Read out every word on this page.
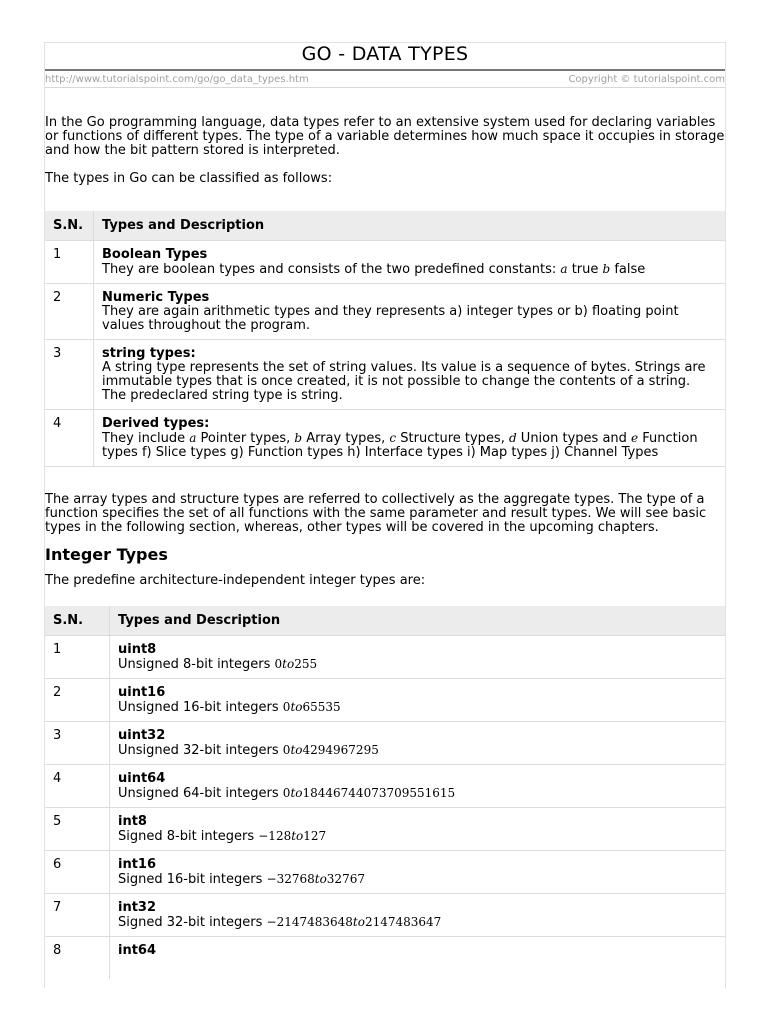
GO - DATA TYPES
http://www.tutorialspoint.com/go/go_data_types.htm	Copyright © tutorialspoint.com

In the Go programming language, data types refer to an extensive system used for declaring variables or functions of different types. The type of a variable determines how much space it occupies in storage and how the bit pattern stored is interpreted.

The types in Go can be classified as follows:

S.N.	Types and Description
1	Boolean Types
They are boolean types and consists of the two predefined constants: a true b false
2	Numeric Types
They are again arithmetic types and they represents a) integer types or b) floating point values throughout the program.
3	string types:
A string type represents the set of string values. Its value is a sequence of bytes. Strings are immutable types that is once created, it is not possible to change the contents of a string. The predeclared string type is string.
4	Derived types:
They include a Pointer types, b Array types, c Structure types, d Union types and e Function types f) Slice types g) Function types h) Interface types i) Map types j) Channel Types

The array types and structure types are referred to collectively as the aggregate types. The type of a function specifies the set of all functions with the same parameter and result types. We will see basic types in the following section, whereas, other types will be covered in the upcoming chapters.

Integer Types

The predefine architecture-independent integer types are:

S.N.	Types and Description
1	uint8
Unsigned 8-bit integers 0to255
2	uint16
Unsigned 16-bit integers 0to65535
3	uint32
Unsigned 32-bit integers 0to4294967295
4	uint64
Unsigned 64-bit integers 0to18446744073709551615
5	int8
Signed 8-bit integers −128to127
6	int16
Signed 16-bit integers −32768to32767
7	int32
Signed 32-bit integers −2147483648to2147483647
8	int64
